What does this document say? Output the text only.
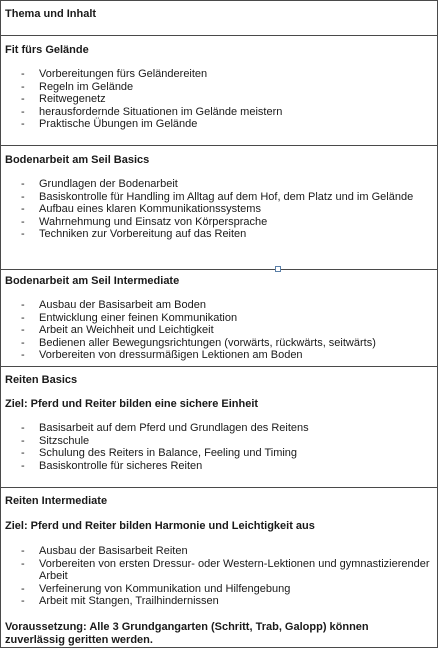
Thema und Inhalt
Fit fürs Gelände
- Vorbereitungen fürs Geländereiten
- Regeln im Gelände
- Reitwegenetz
- herausfordernde Situationen im Gelände meistern
- Praktische Übungen im Gelände
Bodenarbeit am Seil Basics
- Grundlagen der Bodenarbeit
- Basiskontrolle für Handling im Alltag auf dem Hof, dem Platz und im Gelände
- Aufbau eines klaren Kommunikationssystems
- Wahrnehmung und Einsatz von Körpersprache
- Techniken zur Vorbereitung auf das Reiten
Bodenarbeit am Seil Intermediate
- Ausbau der Basisarbeit am Boden
- Entwicklung einer feinen Kommunikation
- Arbeit an Weichheit und Leichtigkeit
- Bedienen aller Bewegungsrichtungen (vorwärts, rückwärts, seitwärts)
- Vorbereiten von dressurmäßigen Lektionen am Boden
Reiten Basics
Ziel: Pferd und Reiter bilden eine sichere Einheit
- Basisarbeit auf dem Pferd und Grundlagen des Reitens
- Sitzschule
- Schulung des Reiters in Balance, Feeling und Timing
- Basiskontrolle für sicheres Reiten
Reiten Intermediate
Ziel: Pferd und Reiter bilden Harmonie und Leichtigkeit aus
- Ausbau der Basisarbeit Reiten
- Vorbereiten von ersten Dressur- oder Western-Lektionen und gymnastizierender Arbeit
- Verfeinerung von Kommunikation und Hilfengebung
- Arbeit mit Stangen, Trailhindernissen
Voraussetzung: Alle 3 Grundgangarten (Schritt, Trab, Galopp) können zuverlässig geritten werden.
